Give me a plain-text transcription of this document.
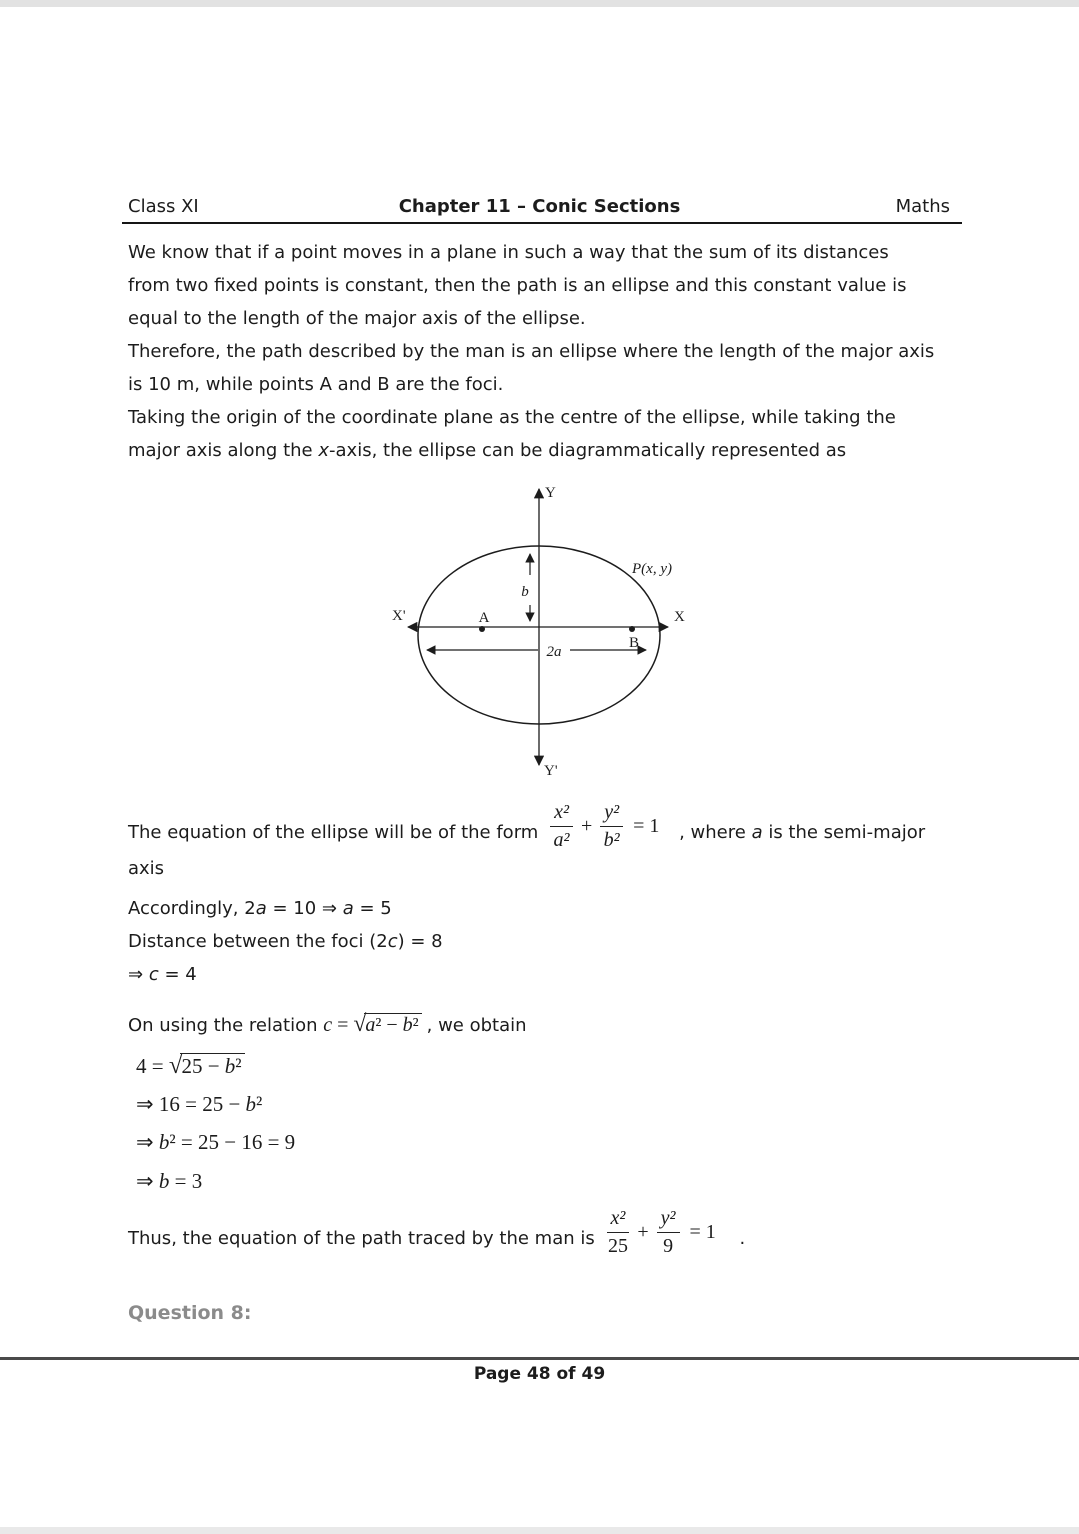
Class XI	Chapter 11 – Conic Sections	Maths
We know that if a point moves in a plane in such a way that the sum of its distances
from two fixed points is constant, then the path is an ellipse and this constant value is
equal to the length of the major axis of the ellipse.
Therefore, the path described by the man is an ellipse where the length of the major axis
is 10 m, while points A and B are the foci.
Taking the origin of the coordinate plane as the centre of the ellipse, while taking the
major axis along the x-axis, the ellipse can be diagrammatically represented as
Y
Y'
X
X'	A
B
b
2a
P(x, y)
The equation of the ellipse will be of the form $\frac{\text{x²}}{\text{a²}} + \frac{\text{y²}}{\text{b²}} = 1$ , where a is the semi-major
axis
Accordingly, 2a = 10 ⇒ a = 5
Distance between the foci (2c) = 8
⇒ c = 4
On using the relation c = √a² − b² , we obtain
4 = √25 − b²
⇒ 16 = 25 − b²
⇒ b² = 25 − 16 = 9
⇒ b = 3
Thus, the equation of the path traced by the man is $\frac{\text{x²}}{25} + \frac{\text{y²}}{9} = 1$ .
Question 8:
Page 48 of 49
